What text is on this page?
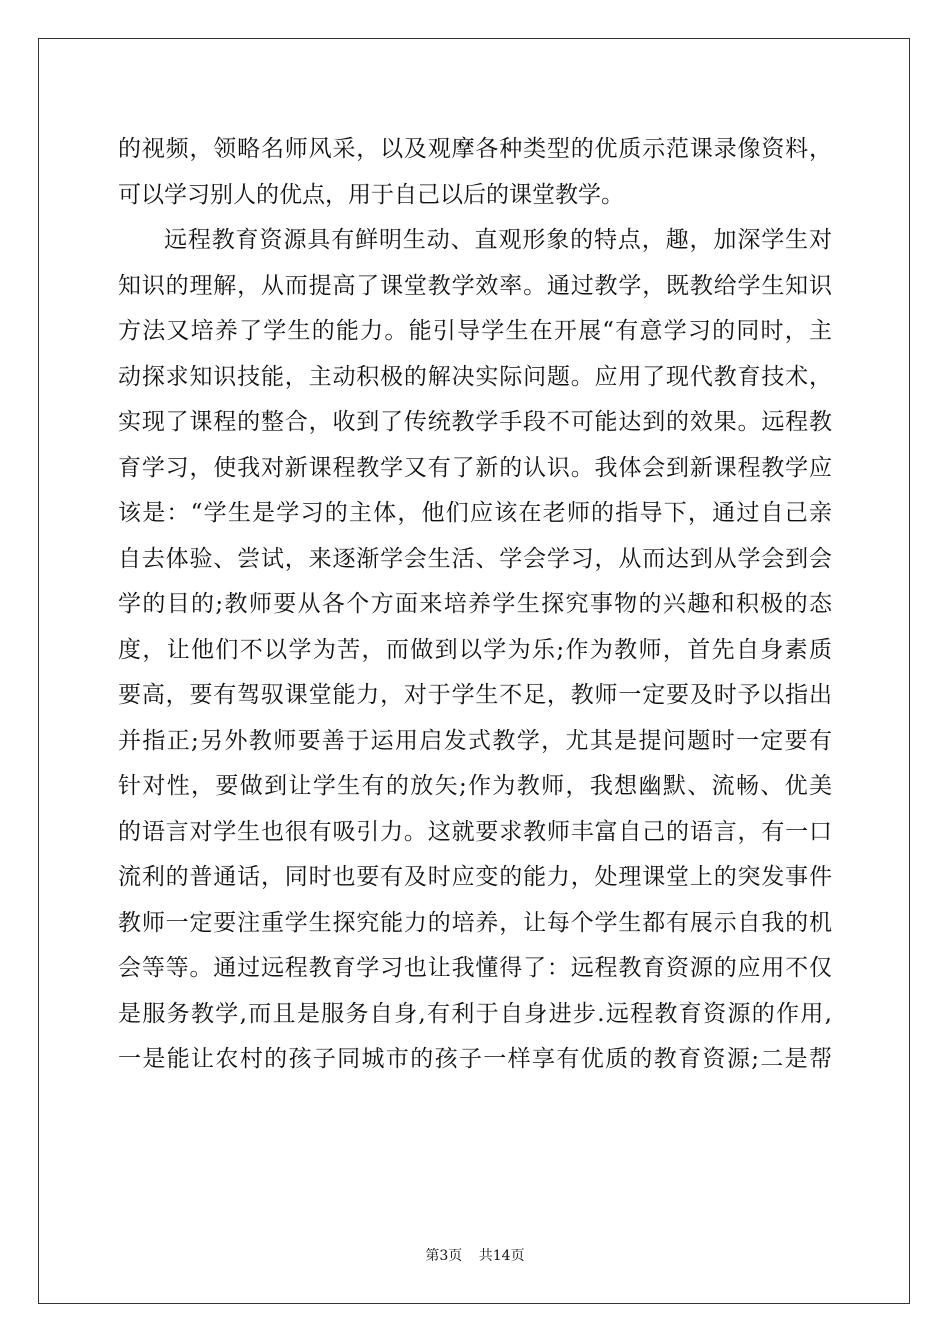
的视频，领略名师风采，以及观摩各种类型的优质示范课录像资料，
可以学习别人的优点，用于自己以后的课堂教学。
远程教育资源具有鲜明生动、直观形象的特点，趣，加深学生对
知识的理解，从而提高了课堂教学效率。通过教学，既教给学生知识
方法又培养了学生的能力。能引导学生在开展“有意学习的同时，主
动探求知识技能，主动积极的解决实际问题。应用了现代教育技术，
实现了课程的整合，收到了传统教学手段不可能达到的效果。远程教
育学习，使我对新课程教学又有了新的认识。我体会到新课程教学应
该是：“学生是学习的主体，他们应该在老师的指导下，通过自己亲
自去体验、尝试，来逐渐学会生活、学会学习，从而达到从学会到会
学的目的;教师要从各个方面来培养学生探究事物的兴趣和积极的态
度，让他们不以学为苦，而做到以学为乐;作为教师，首先自身素质
要高，要有驾驭课堂能力，对于学生不足，教师一定要及时予以指出
并指正;另外教师要善于运用启发式教学，尤其是提问题时一定要有
针对性，要做到让学生有的放矢;作为教师，我想幽默、流畅、优美
的语言对学生也很有吸引力。这就要求教师丰富自己的语言，有一口
流利的普通话，同时也要有及时应变的能力，处理课堂上的突发事件
教师一定要注重学生探究能力的培养，让每个学生都有展示自我的机
会等等。通过远程教育学习也让我懂得了：远程教育资源的应用不仅
是服务教学,而且是服务自身,有利于自身进步.远程教育资源的作用,
一是能让农村的孩子同城市的孩子一样享有优质的教育资源;二是帮
第3页 共14页
